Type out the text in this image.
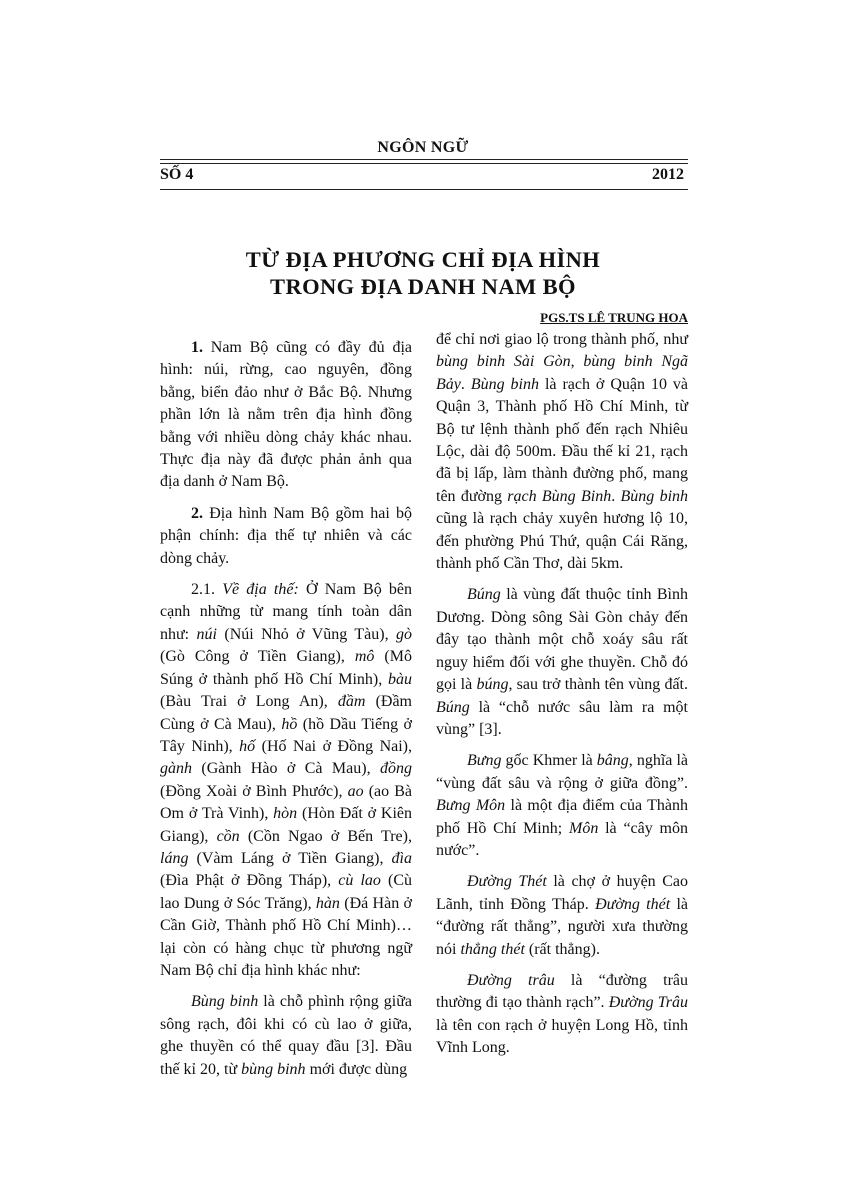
NGÔN NGỮ
SỐ 4	2012
TỪ ĐỊA PHƯƠNG CHỈ ĐỊA HÌNH
TRONG ĐỊA DANH NAM BỘ
PGS.TS LÊ TRUNG HOA

1. Nam Bộ cũng có đầy đủ địa hình: núi, rừng, cao nguyên, đồng bằng, biển đảo như ở Bắc Bộ. Nhưng phần lớn là nằm trên địa hình đồng bằng với nhiều dòng chảy khác nhau. Thực địa này đã được phản ảnh qua địa danh ở Nam Bộ.

2. Địa hình Nam Bộ gồm hai bộ phận chính: địa thế tự nhiên và các dòng chảy.

2.1. Về địa thế: Ở Nam Bộ bên cạnh những từ mang tính toàn dân như: núi (Núi Nhỏ ở Vũng Tàu), gò (Gò Công ở Tiền Giang), mô (Mô Súng ở thành phố Hồ Chí Minh), bàu (Bàu Trai ở Long An), đầm (Đầm Cùng ở Cà Mau), hồ (hồ Dầu Tiếng ở Tây Ninh), hố (Hố Nai ở Đồng Nai), gành (Gành Hào ở Cà Mau), đồng (Đồng Xoài ở Bình Phước), ao (ao Bà Om ở Trà Vinh), hòn (Hòn Đất ở Kiên Giang), cồn (Cồn Ngao ở Bến Tre), láng (Vàm Láng ở Tiền Giang), đìa (Đìa Phật ở Đồng Tháp), cù lao (Cù lao Dung ở Sóc Trăng), hàn (Đá Hàn ở Cần Giờ, Thành phố Hồ Chí Minh)… lại còn có hàng chục từ phương ngữ Nam Bộ chỉ địa hình khác như:

Bùng binh là chỗ phình rộng giữa sông rạch, đôi khi có cù lao ở giữa, ghe thuyền có thể quay đầu [3]. Đầu thế kỉ 20, từ bùng binh mới được dùng

để chỉ nơi giao lộ trong thành phố, như bùng binh Sài Gòn, bùng binh Ngã Bảy. Bùng binh là rạch ở Quận 10 và Quận 3, Thành phố Hồ Chí Minh, từ Bộ tư lệnh thành phố đến rạch Nhiêu Lộc, dài độ 500m. Đầu thế kỉ 21, rạch đã bị lấp, làm thành đường phố, mang tên đường rạch Bùng Binh. Bùng binh cũng là rạch chảy xuyên hương lộ 10, đến phường Phú Thứ, quận Cái Răng, thành phố Cần Thơ, dài 5km.

Búng là vùng đất thuộc tỉnh Bình Dương. Dòng sông Sài Gòn chảy đến đây tạo thành một chỗ xoáy sâu rất nguy hiểm đối với ghe thuyền. Chỗ đó gọi là búng, sau trở thành tên vùng đất. Búng là “chỗ nước sâu làm ra một vùng” [3].

Bưng gốc Khmer là bâng, nghĩa là “vùng đất sâu và rộng ở giữa đồng”. Bưng Môn là một địa điểm của Thành phố Hồ Chí Minh; Môn là “cây môn nước”.

Đường Thét là chợ ở huyện Cao Lãnh, tỉnh Đồng Tháp. Đường thét là “đường rất thẳng”, người xưa thường nói thẳng thét (rất thẳng).

Đường trâu là “đường trâu thường đi tạo thành rạch”. Đường Trâu là tên con rạch ở huyện Long Hồ, tỉnh Vĩnh Long.
